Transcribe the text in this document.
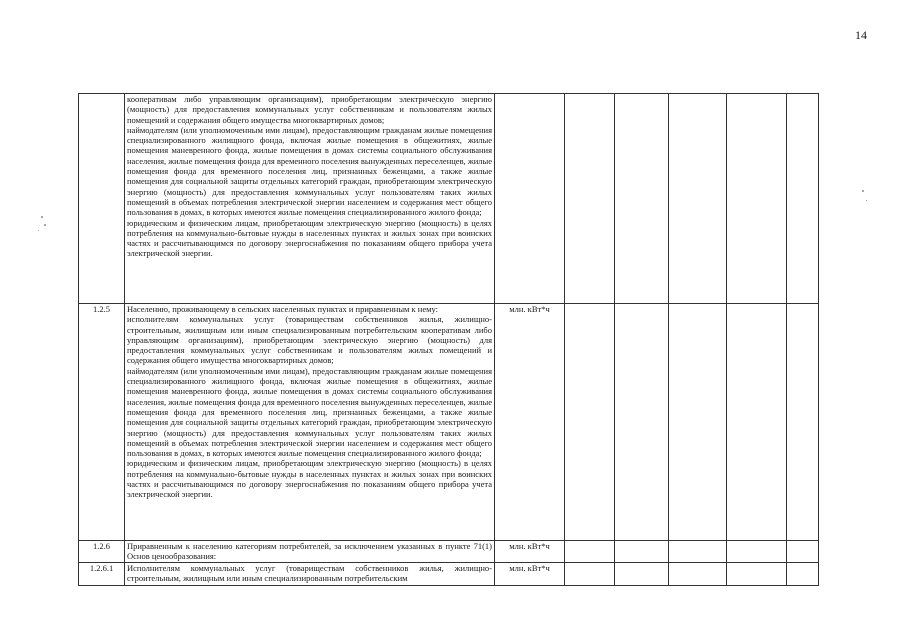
14

	кооперативам либо управляющим организациям), приобретающим электрическую энергию (мощность) для предоставления коммунальных услуг собственникам и пользователям жилых помещений и содержания общего имущества многоквартирных домов;

наймодателям (или уполномоченным ими лицам), предоставляющим гражданам жилые помещения специализированного жилищного фонда, включая жилые помещения в общежитиях, жилые помещения маневренного фонда, жилые помещения в домах системы социального обслуживания населения, жилые помещения фонда для временного поселения вынужденных переселенцев, жилые помещения фонда для временного поселения лиц, признанных беженцами, а также жилые помещения для социальной защиты отдельных категорий граждан, приобретающим электрическую энергию (мощность) для предоставления коммунальных услуг пользователям таких жилых помещений в объемах потребления электрической энергии населением и содержания мест общего пользования в домах, в которых имеются жилые помещения специализированного жилого фонда;

юридическим и физическим лицам, приобретающим электрическую энергию (мощность) в целях потребления на коммунально-бытовые нужды в населенных пунктах и жилых зонах при воинских частях и рассчитывающимся по договору энергоснабжения по показаниям общего прибора учета электрической энергии.						

1.2.5	Населению, проживающему в сельских населенных пунктах и приравненным к нему:

исполнителям коммунальных услуг (товариществам собственников жилья, жилищно-строительным, жилищным или иным специализированным потребительским кооперативам либо управляющим организациям), приобретающим электрическую энергию (мощность) для предоставления коммунальных услуг собственникам и пользователям жилых помещений и содержания общего имущества многоквартирных домов;

наймодателям (или уполномоченным ими лицам), предоставляющим гражданам жилые помещения специализированного жилищного фонда, включая жилые помещения в общежитиях, жилые помещения маневренного фонда, жилые помещения в домах системы социального обслуживания населения, жилые помещения фонда для временного поселения вынужденных переселенцев, жилые помещения фонда для временного поселения лиц, признанных беженцами, а также жилые помещения для социальной защиты отдельных категорий граждан, приобретающим электрическую энергию (мощность) для предоставления коммунальных услуг пользователям таких жилых помещений в объемах потребления электрической энергии населением и содержания мест общего пользования в домах, в которых имеются жилые помещения специализированного жилого фонда;

юридическим и физическим лицам, приобретающим электрическую энергию (мощность) в целях потребления на коммунально-бытовые нужды в населенных пунктах и жилых зонах при воинских частях и рассчитывающимся по договору энергоснабжения по показаниям общего прибора учета электрической энергии.	млн. кВт*ч					
1.2.6	Приравненным к населению категориям потребителей, за исключением указанных в пункте 71(1) Основ ценообразования:	млн. кВт*ч					
1.2.6.1	Исполнителям коммунальных услуг (товариществам собственников жилья, жилищно-строительным, жилищным или иным специализированным потребительским	млн. кВт*ч					
